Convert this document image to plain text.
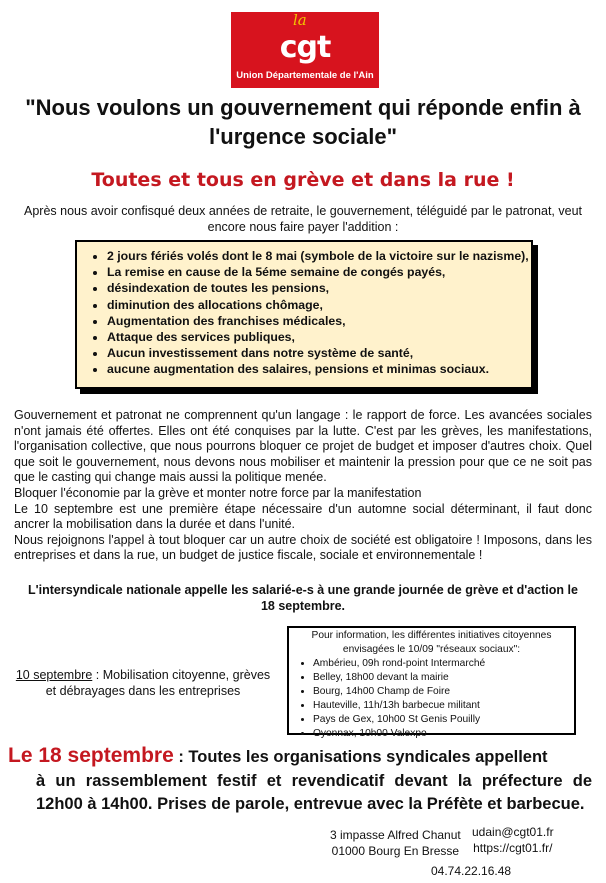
la
cgt
Union Départementale de l'Ain
"Nous voulons un gouvernement qui réponde enfin à l'urgence sociale"
Toutes et tous en grève et dans la rue !
Après nous avoir confisqué deux années de retraite, le gouvernement, téléguidé par le patronat, veut encore nous faire payer l'addition :
• 2 jours fériés volés dont le 8 mai (symbole de la victoire sur le nazisme),
• La remise en cause de la 5éme semaine de congés payés,
• désindexation de toutes les pensions,
• diminution des allocations chômage,
• Augmentation des franchises médicales,
• Attaque des services publiques,
• Aucun investissement dans notre système de santé,
• aucune augmentation des salaires, pensions et minimas sociaux.

Gouvernement et patronat ne comprennent qu'un langage : le rapport de force. Les avancées sociales n'ont jamais été offertes. Elles ont été conquises par la lutte. C'est par les grèves, les manifestations, l'organisation collective, que nous pourrons bloquer ce projet de budget et imposer d'autres choix. Quel que soit le gouvernement, nous devons nous mobiliser et maintenir la pression pour que ce ne soit pas que le casting qui change mais aussi la politique menée.

Bloquer l'économie par la grève et monter notre force par la manifestation

Le 10 septembre est une première étape nécessaire d'un automne social déterminant, il faut donc ancrer la mobilisation dans la durée et dans l'unité.

Nous rejoignons l'appel à tout bloquer car un autre choix de société est obligatoire ! Imposons, dans les entreprises et dans la rue, un budget de justice fiscale, sociale et environnementale !

L'intersyndicale nationale appelle les salarié-e-s à une grande journée de grève et d'action le 18 septembre.
10 septembre : Mobilisation citoyenne, grèves et débrayages dans les entreprises
Pour information, les différentes initiatives citoyennes envisagées le 10/09 "réseaux sociaux":
• Ambérieu, 09h rond-point Intermarché
• Belley, 18h00 devant la mairie
• Bourg, 14h00 Champ de Foire
• Hauteville, 11h/13h barbecue militant
• Pays de Gex, 10h00 St Genis Pouilly
• Oyonnax, 10h00 Valexpo
Le 18 septembre : Toutes les organisations syndicales appellent
à un rassemblement festif et revendicatif devant la préfecture de 12h00 à 14h00. Prises de parole, entrevue avec la Préfète et barbecue.
3 impasse Alfred Chanut
01000 Bourg En Bresse
udain@cgt01.fr
https://cgt01.fr/
04.74.22.16.48
